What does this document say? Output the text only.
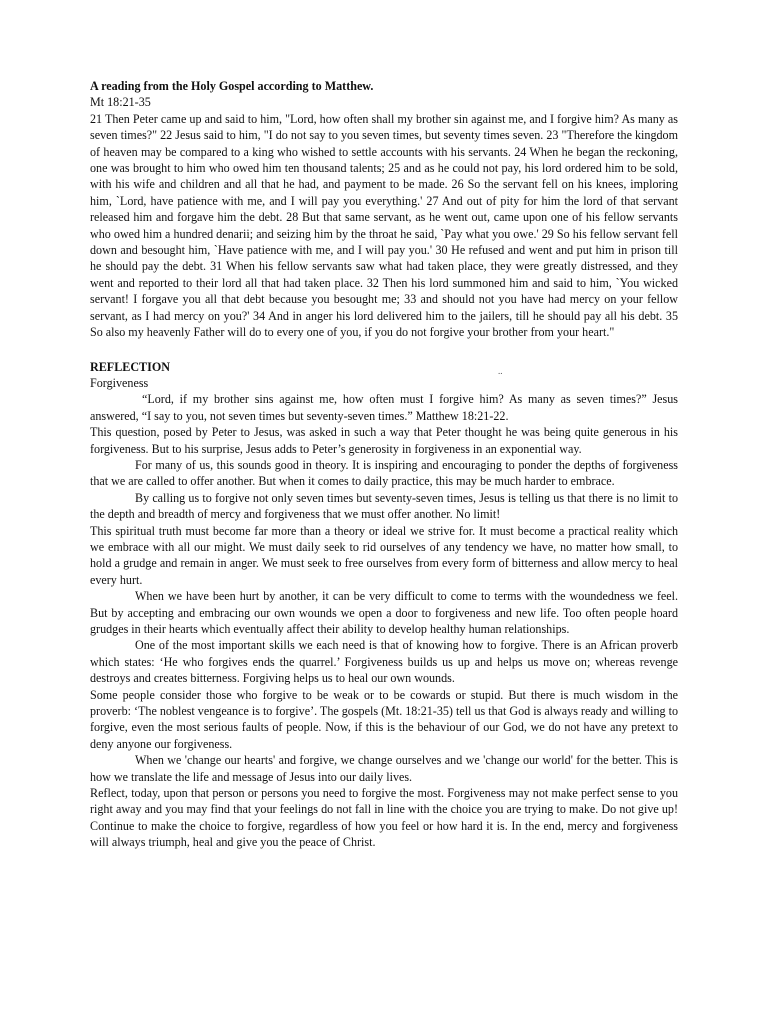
A reading from the Holy Gospel according to Matthew.

Mt 18:21-35

21 Then Peter came up and said to him, "Lord, how often shall my brother sin against me, and I forgive him? As many as seven times?" 22 Jesus said to him, "I do not say to you seven times, but seventy times seven. 23 "Therefore the kingdom of heaven may be compared to a king who wished to settle accounts with his servants. 24 When he began the reckoning, one was brought to him who owed him ten thousand talents; 25 and as he could not pay, his lord ordered him to be sold, with his wife and children and all that he had, and payment to be made. 26 So the servant fell on his knees, imploring him, `Lord, have patience with me, and I will pay you everything.' 27 And out of pity for him the lord of that servant released him and forgave him the debt. 28 But that same servant, as he went out, came upon one of his fellow servants who owed him a hundred denarii; and seizing him by the throat he said, `Pay what you owe.' 29 So his fellow servant fell down and besought him, `Have patience with me, and I will pay you.' 30 He refused and went and put him in prison till he should pay the debt. 31 When his fellow servants saw what had taken place, they were greatly distressed, and they went and reported to their lord all that had taken place. 32 Then his lord summoned him and said to him, `You wicked servant! I forgave you all that debt because you besought me; 33 and should not you have had mercy on your fellow servant, as I had mercy on you?' 34 And in anger his lord delivered him to the jailers, till he should pay all his debt. 35 So also my heavenly Father will do to every one of you, if you do not forgive your brother from your heart."

REFLECTION

Forgiveness

“Lord, if my brother sins against me, how often must I forgive him? As many as seven times?” Jesus answered, “I say to you, not seven times but seventy-seven times.” Matthew 18:21-22.

This question, posed by Peter to Jesus, was asked in such a way that Peter thought he was being quite generous in his forgiveness. But to his surprise, Jesus adds to Peter’s generosity in forgiveness in an exponential way.

For many of us, this sounds good in theory. It is inspiring and encouraging to ponder the depths of forgiveness that we are called to offer another. But when it comes to daily practice, this may be much harder to embrace.

By calling us to forgive not only seven times but seventy-seven times, Jesus is telling us that there is no limit to the depth and breadth of mercy and forgiveness that we must offer another. No limit!

This spiritual truth must become far more than a theory or ideal we strive for. It must become a practical reality which we embrace with all our might. We must daily seek to rid ourselves of any tendency we have, no matter how small, to hold a grudge and remain in anger. We must seek to free ourselves from every form of bitterness and allow mercy to heal every hurt.

When we have been hurt by another, it can be very difficult to come to terms with the woundedness we feel. But by accepting and embracing our own wounds we open a door to forgiveness and new life. Too often people hoard grudges in their hearts which eventually affect their ability to develop healthy human relationships.

One of the most important skills we each need is that of knowing how to forgive. There is an African proverb which states: ‘He who forgives ends the quarrel.’ Forgiveness builds us up and helps us move on; whereas revenge destroys and creates bitterness. Forgiving helps us to heal our own wounds.

Some people consider those who forgive to be weak or to be cowards or stupid. But there is much wisdom in the proverb: ‘The noblest vengeance is to forgive’. The gospels (Mt. 18:21-35) tell us that God is always ready and willing to forgive, even the most serious faults of people. Now, if this is the behaviour of our God, we do not have any pretext to deny anyone our forgiveness.

When we 'change our hearts' and forgive, we change ourselves and we 'change our world' for the better. This is how we translate the life and message of Jesus into our daily lives.

Reflect, today, upon that person or persons you need to forgive the most. Forgiveness may not make perfect sense to you right away and you may find that your feelings do not fall in line with the choice you are trying to make. Do not give up! Continue to make the choice to forgive, regardless of how you feel or how hard it is. In the end, mercy and forgiveness will always triumph, heal and give you the peace of Christ.

..
